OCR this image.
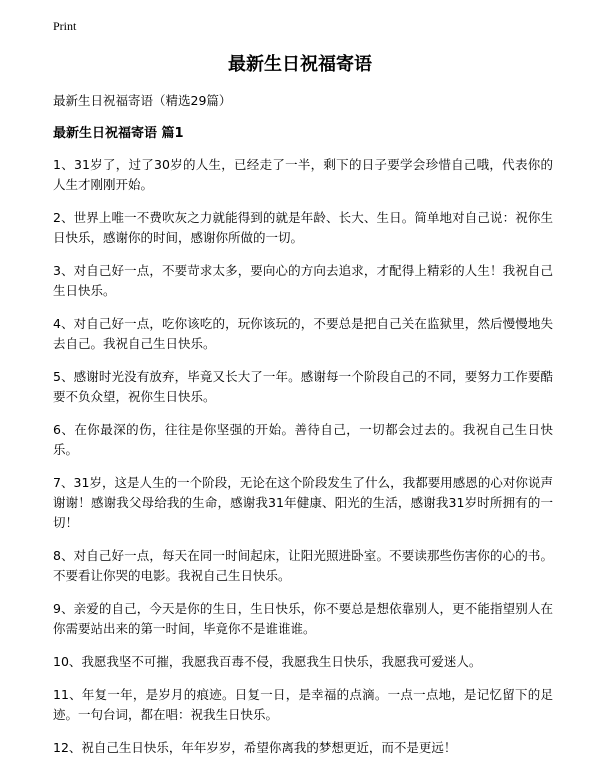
Print
最新生日祝福寄语

最新生日祝福寄语（精选29篇）

最新生日祝福寄语 篇1
1、31岁了，过了30岁的人生，已经走了一半，剩下的日子要学会珍惜自己哦，代表你的人生才刚刚开始。
2、世界上唯一不费吹灰之力就能得到的就是年龄、长大、生日。简单地对自己说：祝你生日快乐，感谢你的时间，感谢你所做的一切。
3、对自己好一点，不要苛求太多，要向心的方向去追求，才配得上精彩的人生！我祝自己生日快乐。
4、对自己好一点，吃你该吃的，玩你该玩的，不要总是把自己关在监狱里，然后慢慢地失去自己。我祝自己生日快乐。
5、感谢时光没有放弃，毕竟又长大了一年。感谢每一个阶段自己的不同，要努力工作要酷要不负众望，祝你生日快乐。
6、在你最深的伤，往往是你坚强的开始。善待自己，一切都会过去的。我祝自己生日快乐。
7、31岁，这是人生的一个阶段，无论在这个阶段发生了什么，我都要用感恩的心对你说声谢谢！感谢我父母给我的生命，感谢我31年健康、阳光的生活，感谢我31岁时所拥有的一切！
8、对自己好一点，每天在同一时间起床，让阳光照进卧室。不要读那些伤害你的心的书。不要看让你哭的电影。我祝自己生日快乐。
9、亲爱的自己，今天是你的生日，生日快乐，你不要总是想依靠别人，更不能指望别人在你需要站出来的第一时间，毕竟你不是谁谁谁。
10、我愿我坚不可摧，我愿我百毒不侵，我愿我生日快乐，我愿我可爱迷人。
11、年复一年，是岁月的痕迹。日复一日，是幸福的点滴。一点一点地，是记忆留下的足迹。一句台词，都在唱：祝我生日快乐。
12、祝自己生日快乐，年年岁岁，希望你离我的梦想更近，而不是更远！
